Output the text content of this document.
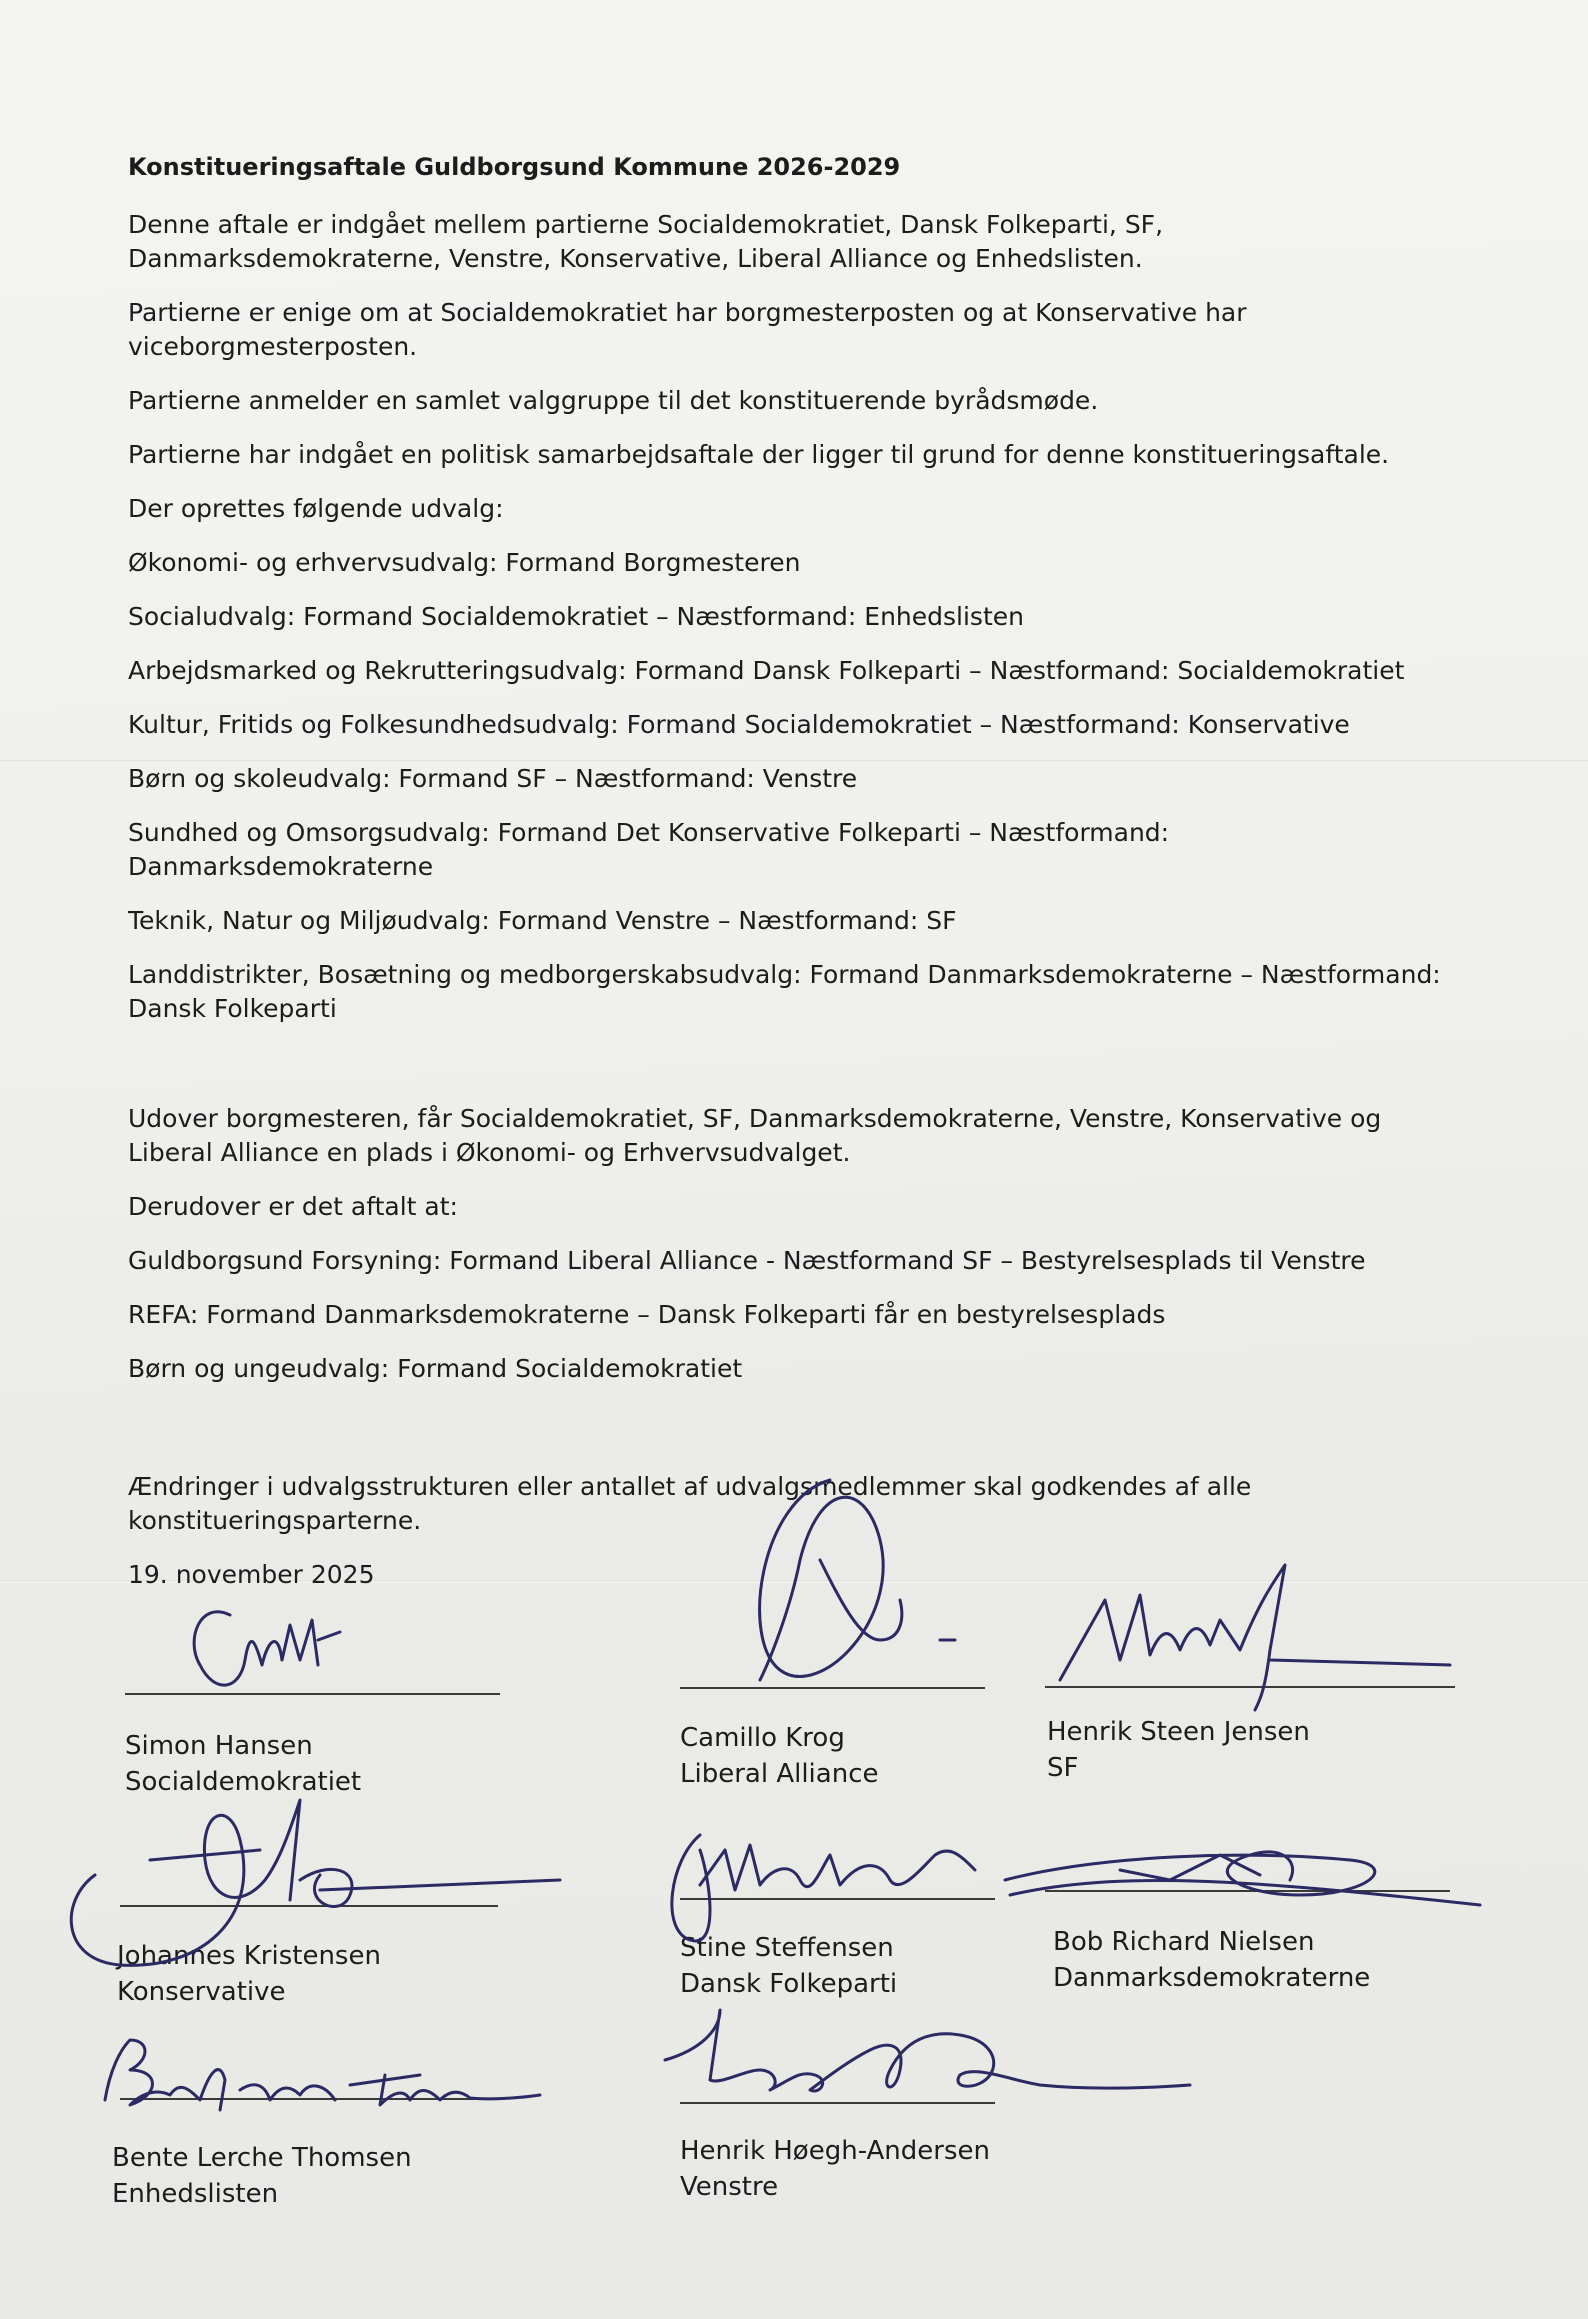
Konstitueringsaftale Guldborgsund Kommune 2026-2029

Denne aftale er indgået mellem partierne Socialdemokratiet, Dansk Folkeparti, SF, Danmarksdemokraterne, Venstre, Konservative, Liberal Alliance og Enhedslisten.

Partierne er enige om at Socialdemokratiet har borgmesterposten og at Konservative har viceborgmesterposten.

Partierne anmelder en samlet valggruppe til det konstituerende byrådsmøde.

Partierne har indgået en politisk samarbejdsaftale der ligger til grund for denne konstitueringsaftale.

Der oprettes følgende udvalg:

Økonomi- og erhvervsudvalg: Formand Borgmesteren

Socialudvalg: Formand Socialdemokratiet – Næstformand: Enhedslisten

Arbejdsmarked og Rekrutteringsudvalg: Formand Dansk Folkeparti – Næstformand: Socialdemokratiet

Kultur, Fritids og Folkesundhedsudvalg: Formand Socialdemokratiet – Næstformand: Konservative

Børn og skoleudvalg: Formand SF – Næstformand: Venstre

Sundhed og Omsorgsudvalg: Formand Det Konservative Folkeparti – Næstformand: Danmarksdemokraterne

Teknik, Natur og Miljøudvalg: Formand Venstre – Næstformand: SF

Landdistrikter, Bosætning og medborgerskabsudvalg: Formand Danmarksdemokraterne – Næstformand: Dansk Folkeparti

Udover borgmesteren, får Socialdemokratiet, SF, Danmarksdemokraterne, Venstre, Konservative og Liberal Alliance en plads i Økonomi- og Erhvervsudvalget.

Derudover er det aftalt at:

Guldborgsund Forsyning: Formand Liberal Alliance - Næstformand SF – Bestyrelsesplads til Venstre

REFA: Formand Danmarksdemokraterne – Dansk Folkeparti får en bestyrelsesplads

Børn og ungeudvalg: Formand Socialdemokratiet

Ændringer i udvalgsstrukturen eller antallet af udvalgsmedlemmer skal godkendes af alle konstitueringsparterne.

19. november 2025

Simon Hansen
Socialdemokratiet
Camillo Krog
Liberal Alliance
Henrik Steen Jensen
SF
Johannes Kristensen
Konservative
Stine Steffensen
Dansk Folkeparti
Bob Richard Nielsen
Danmarksdemokraterne
Bente Lerche Thomsen
Enhedslisten
Henrik Høegh-Andersen
Venstre
